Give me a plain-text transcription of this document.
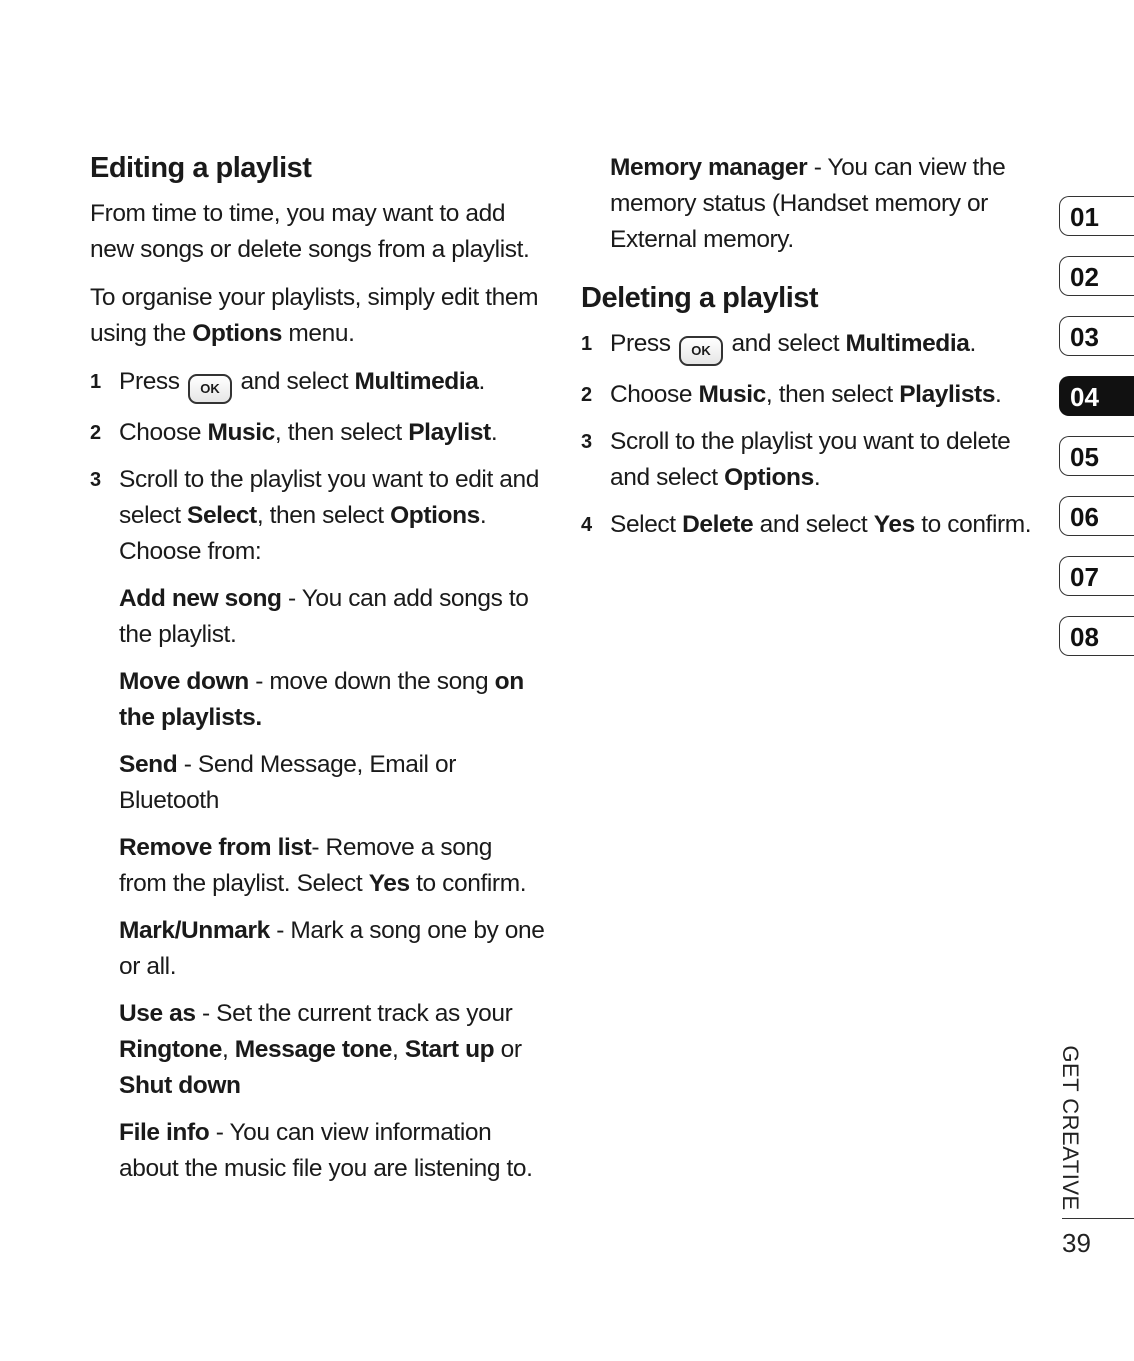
Editing a playlist

From time to time, you may want to add new songs or delete songs from a playlist.

To organise your playlists, simply edit them using the Options menu.

1 Press OK and select Multimedia.
2 Choose Music, then select Playlist.
3 Scroll to the playlist you want to edit and select Select, then select Options. Choose from:
Add new song - You can add songs to the playlist.
Move down - move down the song on the playlists.
Send - Send Message, Email or Bluetooth
Remove from list- Remove a song from the playlist. Select Yes to confirm.
Mark/Unmark - Mark a song one by one or all.
Use as - Set the current track as your Ringtone, Message tone, Start up or Shut down
File info - You can view information about the music file you are listening to.
Memory manager - You can view the memory status (Handset memory or External memory.
Deleting a playlist
1 Press OK and select Multimedia.
2 Choose Music, then select Playlists.
3 Scroll to the playlist you want to delete and select Options.
4 Select Delete and select Yes to confirm.
01
02
03
04
05
06
07
08
GET CREATIVE
39
